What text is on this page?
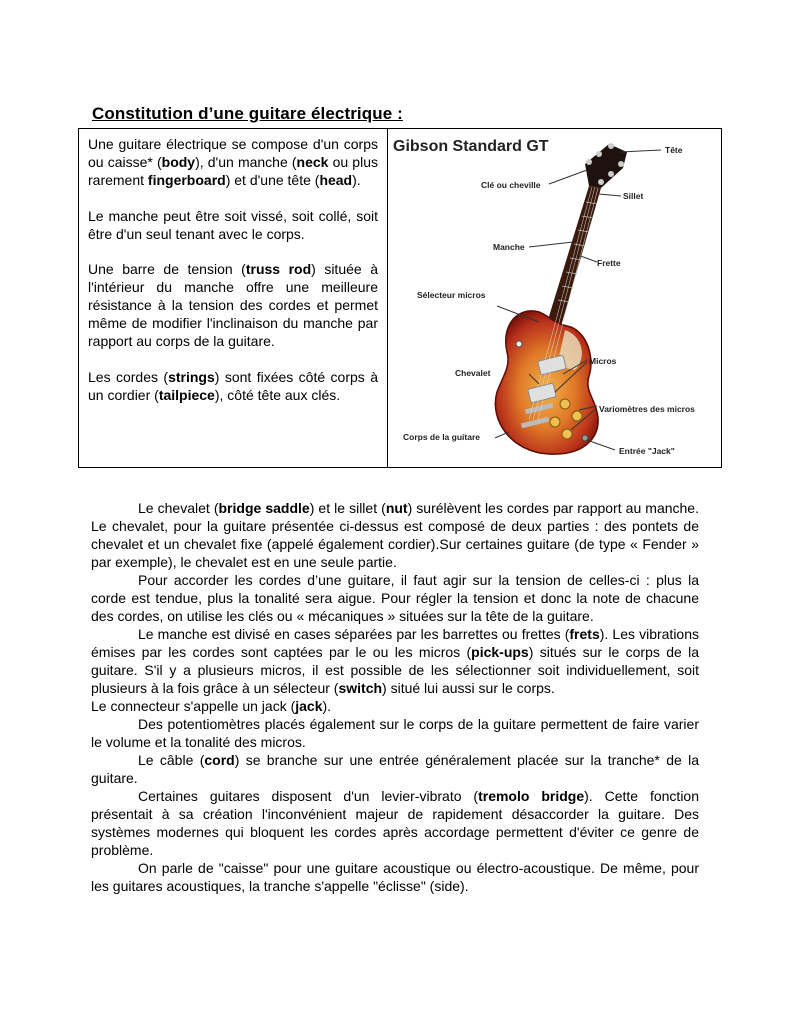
Constitution d’une guitare électrique :

Une guitare électrique se compose d'un corps ou caisse* (body), d'un manche (neck ou plus rarement fingerboard) et d'une tête (head).

Le manche peut être soit vissé, soit collé, soit être d'un seul tenant avec le corps.

Une barre de tension (truss rod) située à l'intérieur du manche offre une meilleure résistance à la tension des cordes et permet même de modifier l'inclinaison du manche par rapport au corps de la guitare.

Les cordes (strings) sont fixées côté corps à un cordier (tailpiece), côté tête aux clés.

Gibson Standard GT	Tête
Clé ou cheville
Sillet
Manche
Frette
Sélecteur micros
Micros
Chevalet
Variomètres des micros
Corps de la guitare
Entrée "Jack"

Le chevalet (bridge saddle) et le sillet (nut) surélèvent les cordes par rapport au manche. Le chevalet, pour la guitare présentée ci-dessus est composé de deux parties : des pontets de chevalet et un chevalet fixe (appelé également cordier).Sur certaines guitare (de type « Fender » par exemple), le chevalet est en une seule partie.

Pour accorder les cordes d’une guitare, il faut agir sur la tension de celles-ci : plus la corde est tendue, plus la tonalité sera aigue. Pour régler la tension et donc la note de chacune des cordes, on utilise les clés ou « mécaniques » situées sur la tête de la guitare.

Le manche est divisé en cases séparées par les barrettes ou frettes (frets). Les vibrations émises par les cordes sont captées par le ou les micros (pick-ups) situés sur le corps de la guitare. S'il y a plusieurs micros, il est possible de les sélectionner soit individuellement, soit plusieurs à la fois grâce à un sélecteur (switch) situé lui aussi sur le corps.

Le connecteur s'appelle un jack (jack).

Des potentiomètres placés également sur le corps de la guitare permettent de faire varier le volume et la tonalité des micros.

Le câble (cord) se branche sur une entrée généralement placée sur la tranche* de la guitare.

Certaines guitares disposent d'un levier-vibrato (tremolo bridge). Cette fonction présentait à sa création l'inconvénient majeur de rapidement désaccorder la guitare. Des systèmes modernes qui bloquent les cordes après accordage permettent d'éviter ce genre de problème.

On parle de "caisse" pour une guitare acoustique ou électro-acoustique. De même, pour les guitares acoustiques, la tranche s'appelle "éclisse" (side).
